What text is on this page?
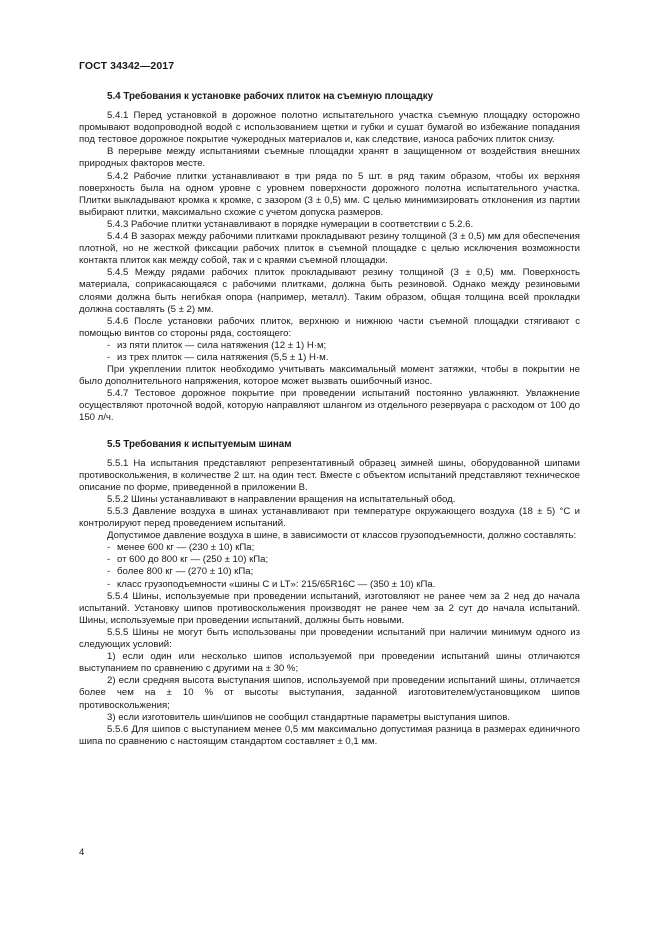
ГОСТ 34342—2017
5.4 Требования к установке рабочих плиток на съемную площадку

5.4.1 Перед установкой в дорожное полотно испытательного участка съемную площадку осторожно промывают водопроводной водой с использованием щетки и губки и сушат бумагой во избежание попадания под тестовое дорожное покрытие чужеродных материалов и, как следствие, износа рабочих плиток снизу.

В перерыве между испытаниями съемные площадки хранят в защищенном от воздействия внешних природных факторов месте.

5.4.2 Рабочие плитки устанавливают в три ряда по 5 шт. в ряд таким образом, чтобы их верхняя поверхность была на одном уровне с уровнем поверхности дорожного полотна испытательного участка. Плитки выкладывают кромка к кромке, с зазором (3 ± 0,5) мм. С целью минимизировать отклонения из партии выбирают плитки, максимально схожие с учетом допуска размеров.

5.4.3 Рабочие плитки устанавливают в порядке нумерации в соответствии с 5.2.6.

5.4.4 В зазорах между рабочими плитками прокладывают резину толщиной (3 ± 0,5) мм для обеспечения плотной, но не жесткой фиксации рабочих плиток в съемной площадке с целью исключения возможности контакта плиток как между собой, так и с краями съемной площадки.

5.4.5 Между рядами рабочих плиток прокладывают резину толщиной (3 ± 0,5) мм. Поверхность материала, соприкасающаяся с рабочими плитками, должна быть резиновой. Однако между резиновыми слоями должна быть негибкая опора (например, металл). Таким образом, общая толщина всей прокладки должна составлять (5 ± 2) мм.

5.4.6 После установки рабочих плиток, верхнюю и нижнюю части съемной площадки стягивают с помощью винтов со стороны ряда, состоящего:

- из пяти плиток — сила натяжения (12 ± 1) Н·м;
- из трех плиток — сила натяжения (5,5 ± 1) Н·м.

При укреплении плиток необходимо учитывать максимальный момент затяжки, чтобы в покрытии не было дополнительного напряжения, которое может вызвать ошибочный износ.

5.4.7 Тестовое дорожное покрытие при проведении испытаний постоянно увлажняют. Увлажнение осуществляют проточной водой, которую направляют шлангом из отдельного резервуара с расходом от 100 до 150 л/ч.

5.5 Требования к испытуемым шинам

5.5.1 На испытания представляют репрезентативный образец зимней шины, оборудованной шипами противоскольжения, в количестве 2 шт. на один тест. Вместе с объектом испытаний представляют техническое описание по форме, приведенной в приложении В.

5.5.2 Шины устанавливают в направлении вращения на испытательный обод.

5.5.3 Давление воздуха в шинах устанавливают при температуре окружающего воздуха (18 ± 5) °C и контролируют перед проведением испытаний.

Допустимое давление воздуха в шине, в зависимости от классов грузоподъемности, должно составлять:

- менее 600 кг — (230 ± 10) кПа;
- от 600 до 800 кг — (250 ± 10) кПа;
- более 800 кг — (270 ± 10) кПа;
- класс грузоподъемности «шины C и LT»: 215/65R16C — (350 ± 10) кПа.

5.5.4 Шины, используемые при проведении испытаний, изготовляют не ранее чем за 2 нед до начала испытаний. Установку шипов противоскольжения производят не ранее чем за 2 сут до начала испытаний. Шины, используемые при проведении испытаний, должны быть новыми.

5.5.5 Шины не могут быть использованы при проведении испытаний при наличии минимум одного из следующих условий:

1) если один или несколько шипов используемой при проведении испытаний шины отличаются выступанием по сравнению с другими на ± 30 %;

2) если средняя высота выступания шипов, используемой при проведении испытаний шины, отличается более чем на ± 10 % от высоты выступания, заданной изготовителем/установщиком шипов противоскольжения;

3) если изготовитель шин/шипов не сообщил стандартные параметры выступания шипов.

5.5.6 Для шипов с выступанием менее 0,5 мм максимально допустимая разница в размерах единичного шипа по сравнению с настоящим стандартом составляет ± 0,1 мм.

4
